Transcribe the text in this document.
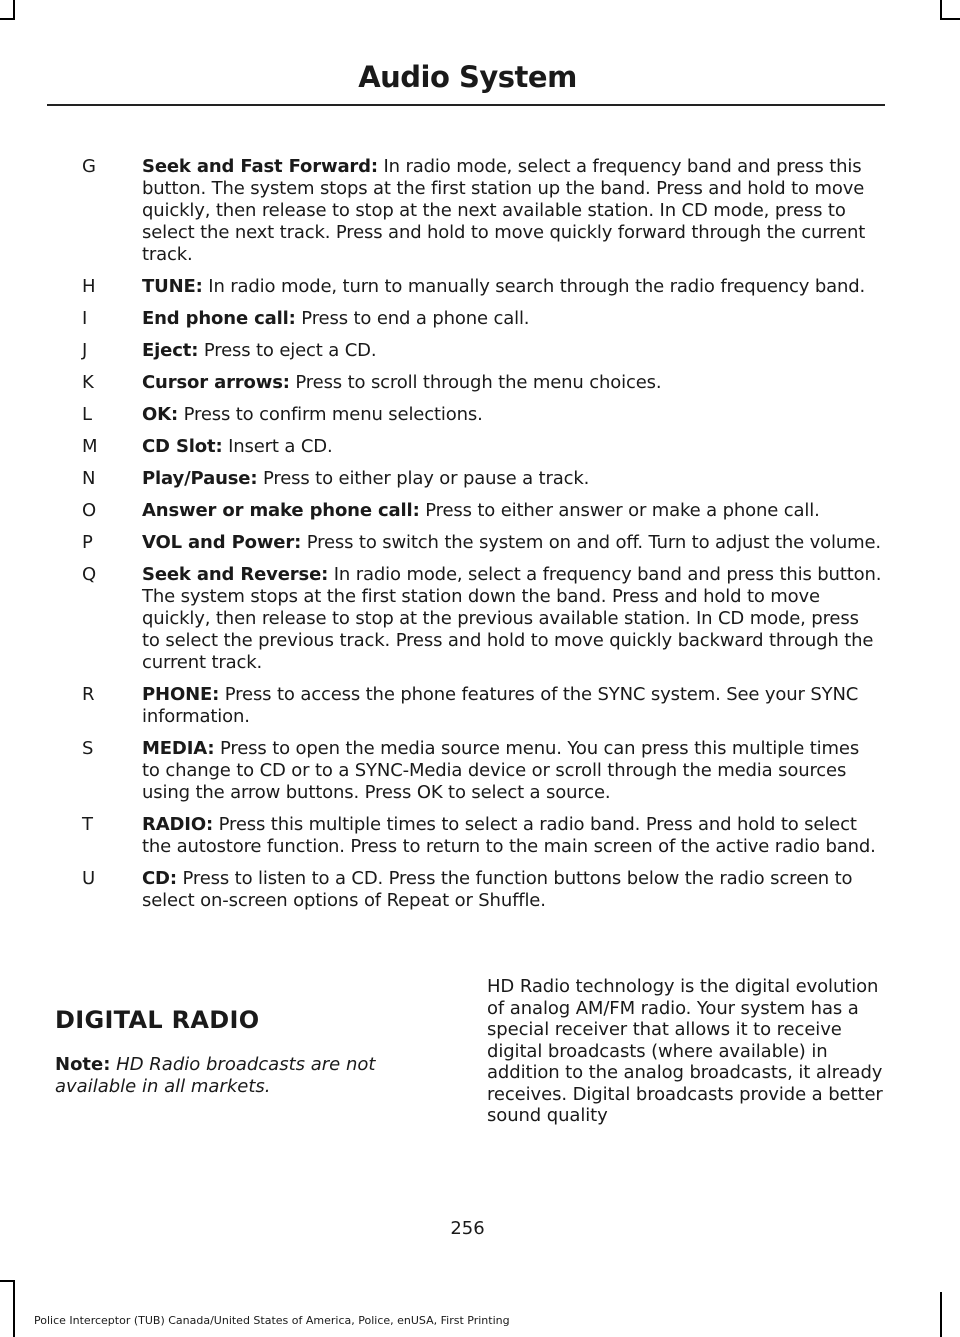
Audio System
G	Seek and Fast Forward: In radio mode, select a frequency band and press this button. The system stops at the first station up the band. Press and hold to move quickly, then release to stop at the next available station. In CD mode, press to select the next track. Press and hold to move quickly forward through the current track.
H	TUNE: In radio mode, turn to manually search through the radio frequency band.
I	End phone call: Press to end a phone call.
J	Eject: Press to eject a CD.
K	Cursor arrows: Press to scroll through the menu choices.
L	OK: Press to confirm menu selections.
M	CD Slot: Insert a CD.
N	Play/Pause: Press to either play or pause a track.
O	Answer or make phone call: Press to either answer or make a phone call.
P	VOL and Power: Press to switch the system on and off. Turn to adjust the volume.
Q	Seek and Reverse: In radio mode, select a frequency band and press this button. The system stops at the first station down the band. Press and hold to move quickly, then release to stop at the previous available station. In CD mode, press to select the previous track. Press and hold to move quickly backward through the current track.
R	PHONE: Press to access the phone features of the SYNC system. See your SYNC information.
S	MEDIA: Press to open the media source menu. You can press this multiple times to change to CD or to a SYNC-Media device or scroll through the media sources using the arrow buttons. Press OK to select a source.
T	RADIO: Press this multiple times to select a radio band. Press and hold to select the autostore function. Press to return to the main screen of the active radio band.
U	CD: Press to listen to a CD. Press the function buttons below the radio screen to select on-screen options of Repeat or Shuffle.
DIGITAL RADIO
Note: HD Radio broadcasts are not available in all markets.
HD Radio technology is the digital evolution of analog AM/FM radio. Your system has a special receiver that allows it to receive digital broadcasts (where available) in addition to the analog broadcasts, it already receives. Digital broadcasts provide a better sound quality
256
Police Interceptor (TUB) Canada/United States of America, Police, enUSA, First Printing
